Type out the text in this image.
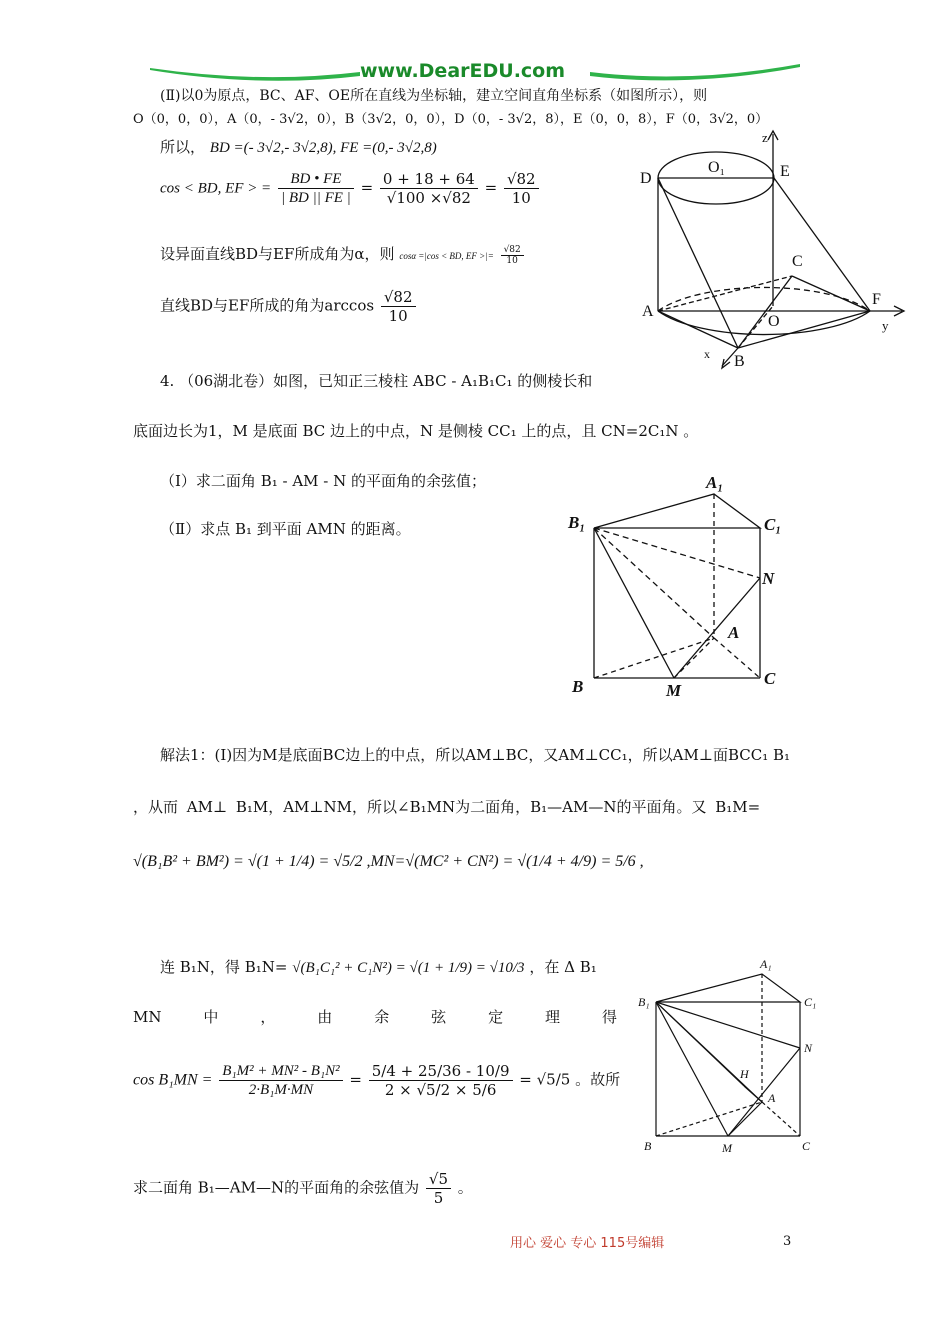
www.DearEDU.com
(Ⅱ)以0为原点，BC、AF、OE所在直线为坐标轴，建立空间直角坐标系（如图所示），则
O（0，0，0），A（0，- 3√2，0），B（3√2，0，0），D（0，- 3√2，8），E（0，0，8），F（0，3√2，0）
所以， BD =(- 3√2,- 3√2,8), FE =(0,- 3√2,8)
cos < BD, EF > = $\frac{BD • FE}{| BD || FE |} = \frac{0 + 18 + 64}{√100 \times√82} = \frac{√82}{10}$
设异面直线BD与EF所成角为α，则 cosα =|cos < BD, EF >|= $\frac{√82}{10}$
直线BD与EF所成的角为$\arccos \frac{√82}{10}$
z
D
O₁	E
C
A
O
F
y
x B
4. （06湖北卷）如图，已知正三棱柱 ABC - A₁B₁C₁ 的侧棱长和
底面边长为1，M 是底面 BC 边上的中点，N 是侧棱 CC₁ 上的点，且 CN=2C₁N 。
（Ⅰ）求二面角 B₁ - AM - N 的平面角的余弦值；
（Ⅱ）求点 B₁ 到平面 AMN 的距离。
A₁
B₁	C₁
N
A
B	M
C
解法1：(Ⅰ)因为M是底面BC边上的中点，所以AM⊥BC，又AM⊥CC₁，所以AM⊥面BCC₁ B₁
，从而 AM⊥ B₁M，AM⊥NM，所以∠B₁MN为二面角，B₁—AM—N的平面角。又 B₁M=
√(B₁B² + BM²) = √(1 + 1/4) = √5/2 ,MN=√(MC² + CN²) = √(1/4 + 4/9) = 5/6 ,
连 B₁N，得 B₁N= √(B₁C₁² + C₁N²) = √(1 + 1/9) = √10/3 ，在 Δ B₁
MN	中	，	由	余	弦	定	理	得
$\cos B_1MN = \frac{\text{B₁M² + MN² - B₁N²}}{\text{2·B₁M·MN}} = \frac{5/4 + 25/36 - 10/9}{2 \times √5/2 \times 5/6} = √5/5$ 。故所
求二面角 B₁—AM—N的平面角的余弦值为 $\frac{√5}{5}$ 。
A₁
B₁	C₁
N
H
A
B	M	C
用心 爱心 专心 115号编辑	3
